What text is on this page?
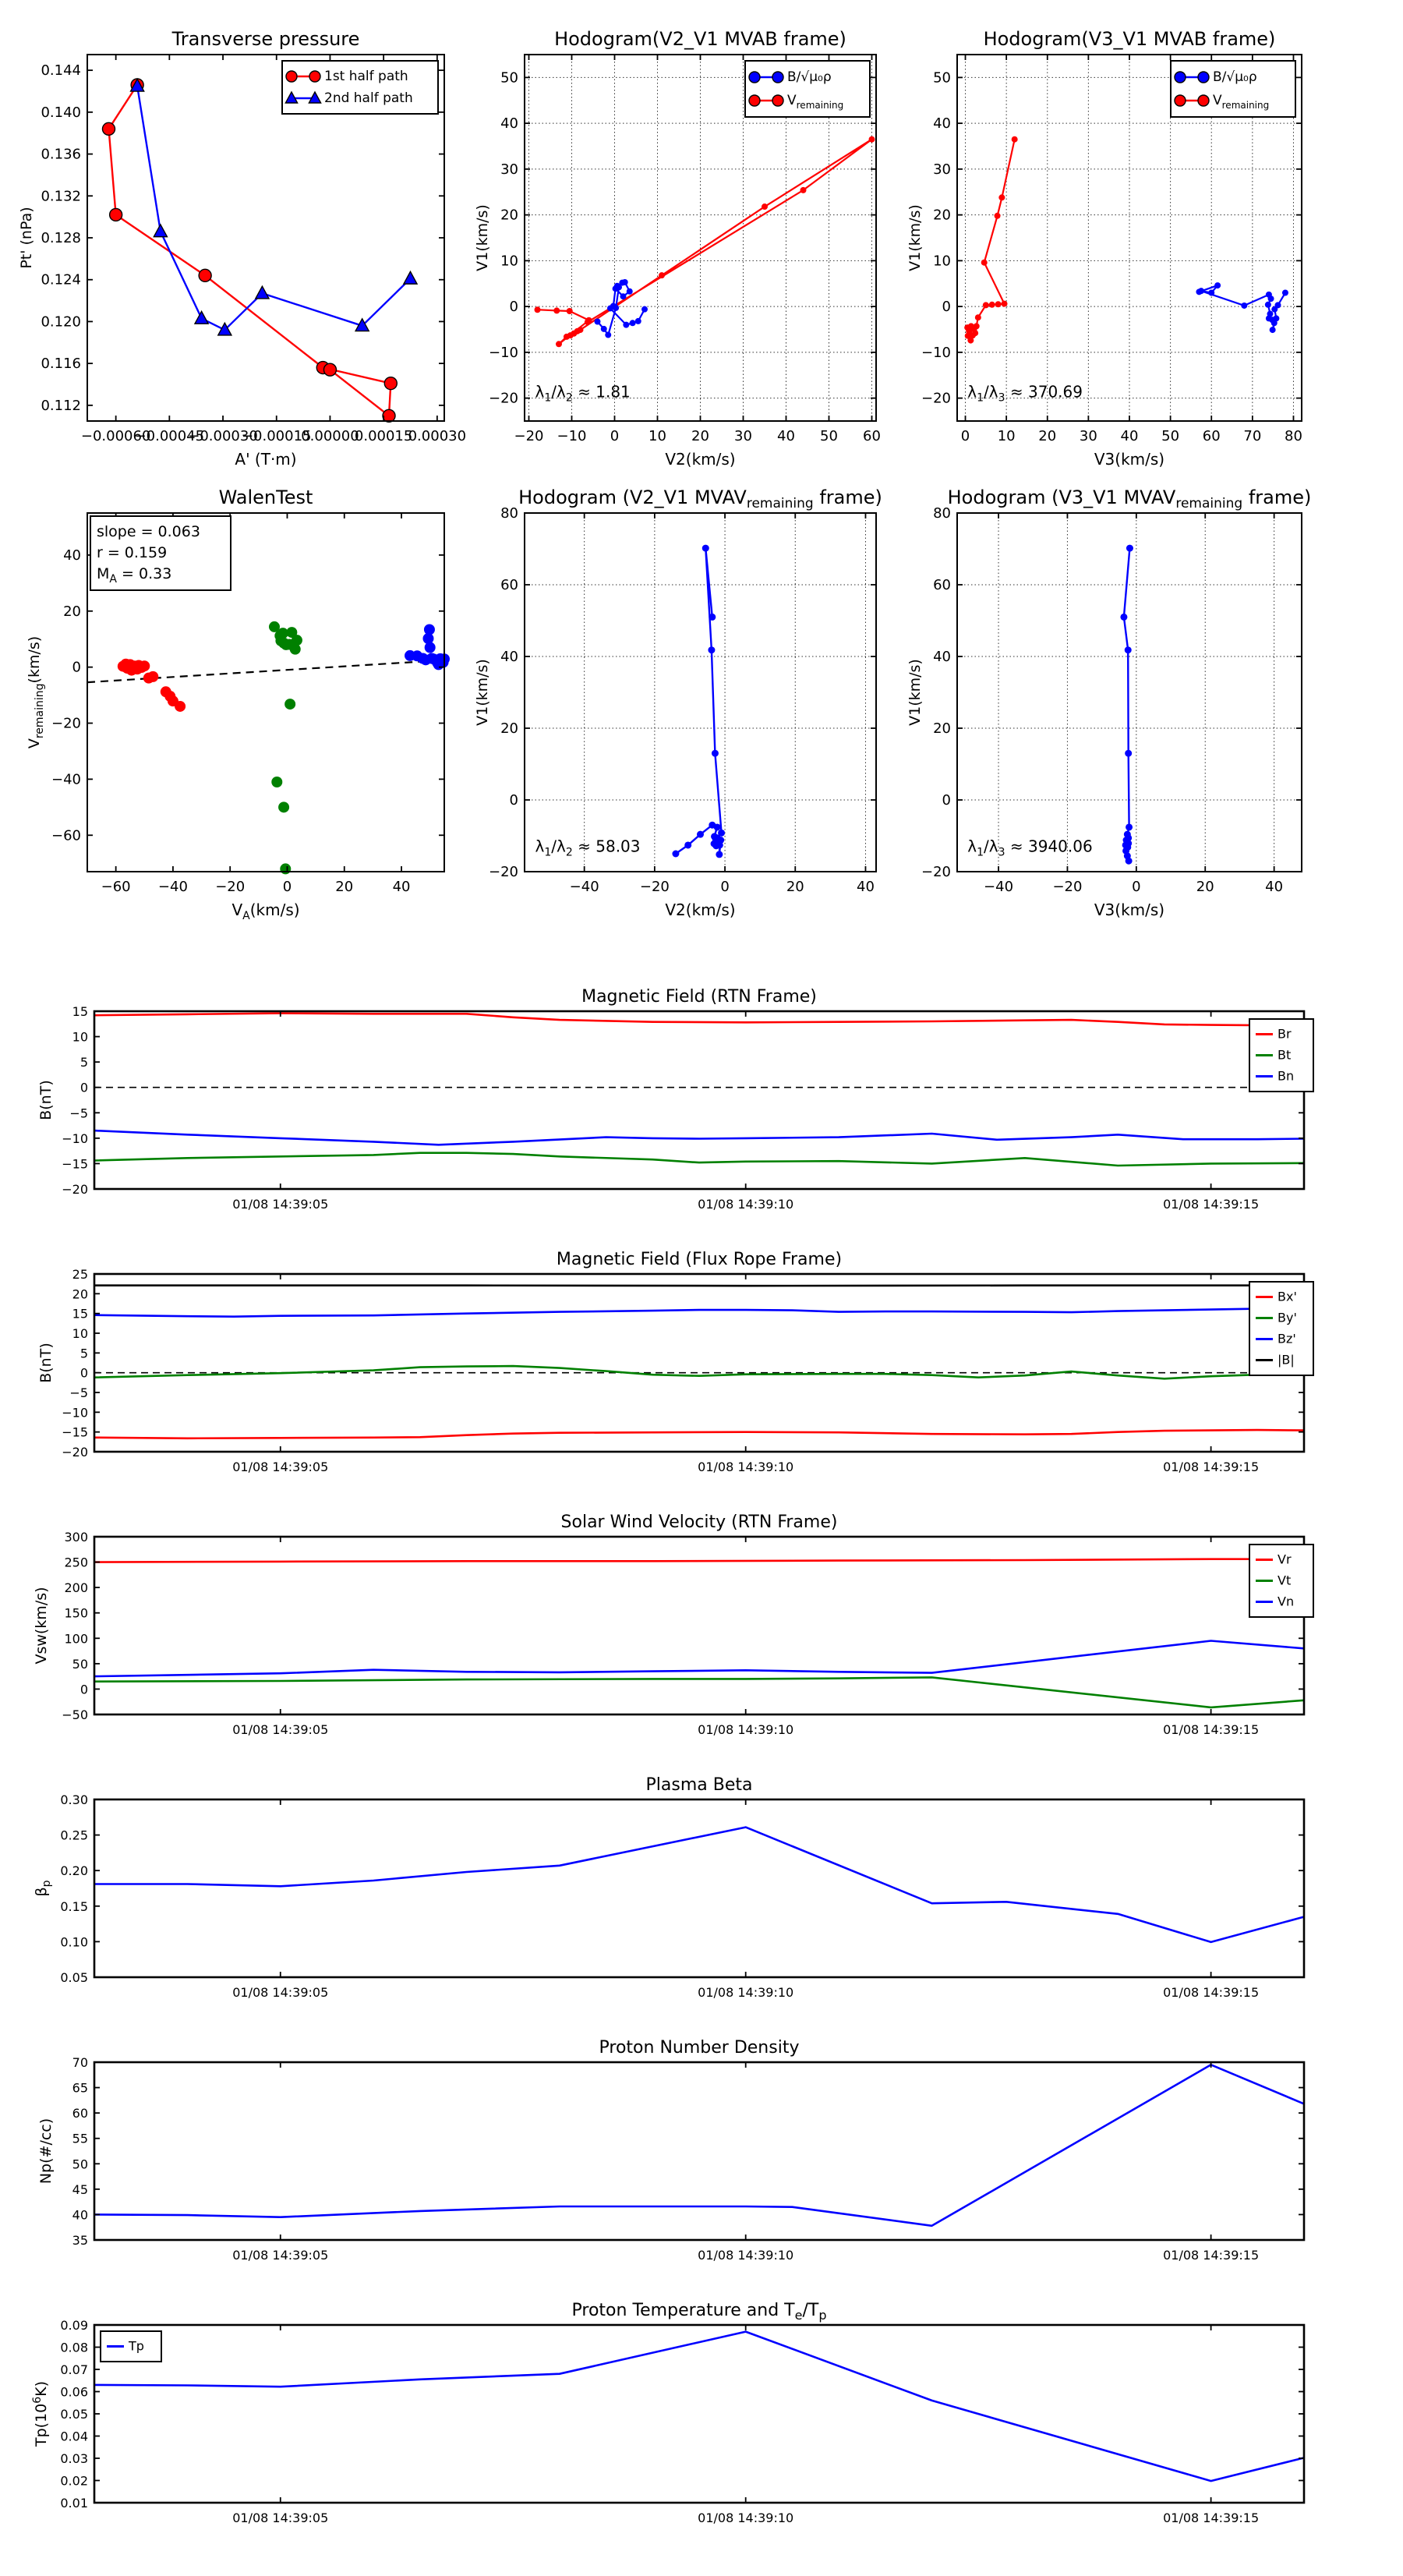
−0.00060
−0.00045
−0.00030
−0.00015
0.00000
0.00015
0.00030
0.112
0.116
0.120
0.124
0.128
0.132
0.136
0.140
0.144
Transverse pressure
A' (T·m)
Pt' (nPa)
1st half path
2nd half path
−20 −10 0 10 20 30 40 50 60
−20
−10
0
10
20
30
40
50
Hodogram(V2_V1 MVAB frame)
V2(km/s)
V1(km/s)
$\lambda_1/\lambda_2 \approx 1.81$
B/√μ₀ρ
$V_{remaining}$
0 10 20 30 40 50 60 70 80
−20
−10
0
10
20
30
40
50
Hodogram(V3_V1 MVAB frame)
V3(km/s)
V1(km/s)
$\lambda_1/\lambda_3 \approx 370.69$
B/√μ₀ρ
$V_{remaining}$
−60 −40 −20	0	20	40
−60
−40
−20
0
20
40
WalenTest
$V_A(km/s)$
$V_{remaining}(km/s)$
slope = 0.063
r = 0.159
$M_A = 0.33$
−40	−20	0	20	40
−20
0
20
40
60
80
Hodogram (V2_V1 $MVAV_{remaining}$ frame)
V2(km/s)
V1(km/s)
$\lambda_1/\lambda_2 \approx 58.03$
−40	−20	0	20	40
−20
0
20
40
60
80
Hodogram (V3_V1 $MVAV_{remaining}$ frame)
V3(km/s)
V1(km/s)
$\lambda_1/\lambda_3 \approx 3940.06$
01/08 14:39:05	01/08 14:39:10	01/08 14:39:15
−20
−15
−10
−5
0
5
10
15
Magnetic Field (RTN Frame)
B(nT)
Br
Bt
Bn
01/08 14:39:05	01/08 14:39:10	01/08 14:39:15
−20
−15
−10
−5
0
5
10
15
20
25
Magnetic Field (Flux Rope Frame)
B(nT)
Bx'
By'
Bz'
|B|
01/08 14:39:05	01/08 14:39:10	01/08 14:39:15
−50
0
50
100
150
200
250
300
Solar Wind Velocity (RTN Frame)
Vsw(km/s)
Vr
Vt
Vn
01/08 14:39:05	01/08 14:39:10	01/08 14:39:15
0.05
0.10
0.15
0.20
0.25
0.30
Plasma Beta
$\beta_p$
01/08 14:39:05	01/08 14:39:10	01/08 14:39:15
35
40
45
50
55
60
65
70
Proton Number Density
Np(#/cc)
01/08 14:39:05	01/08 14:39:10	01/08 14:39:15
0.01
0.02
0.03
0.04
0.05
0.06
0.07
0.08
0.09
Proton Temperature and $T_e/T_p$
$Tp(10^6K)$
Tp
